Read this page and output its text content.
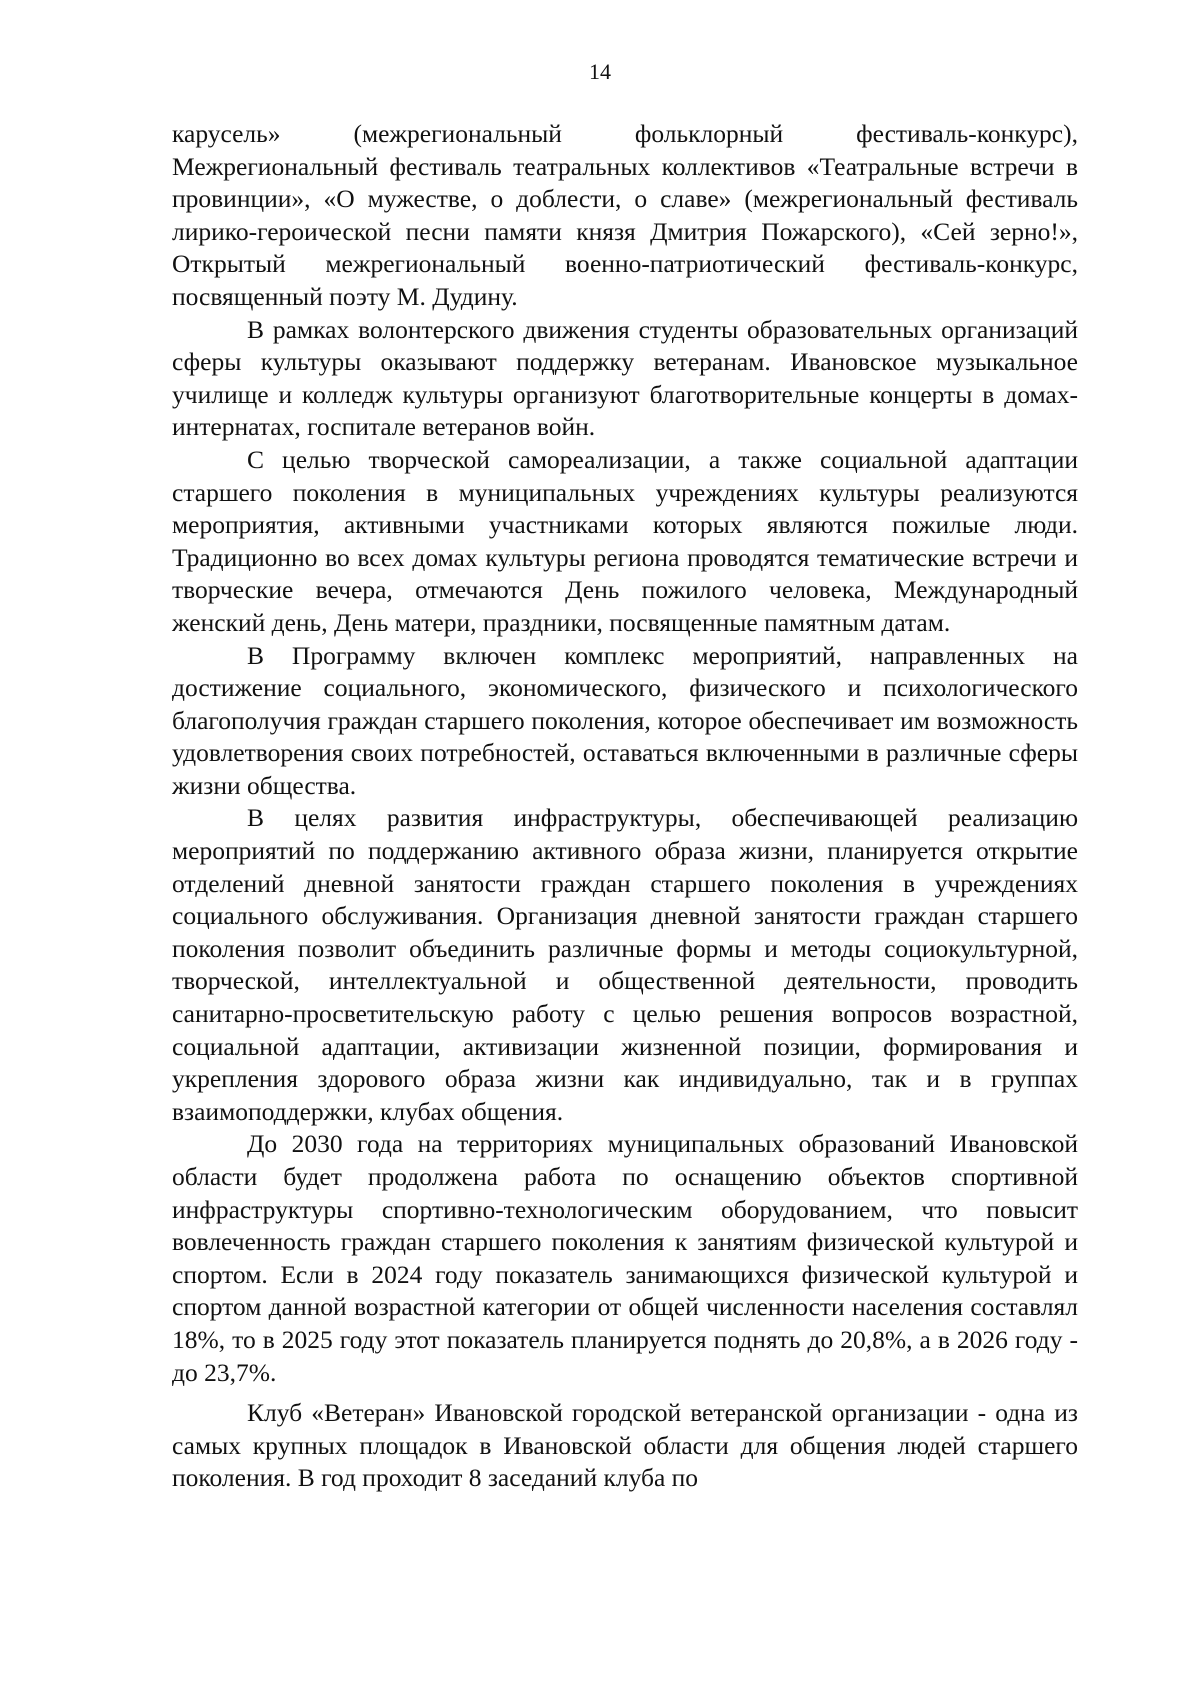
14

карусель» (межрегиональный фольклорный фестиваль-конкурс), Межрегиональный фестиваль театральных коллективов «Театральные встречи в провинции», «О мужестве, о доблести, о славе» (межрегиональный фестиваль лирико-героической песни памяти князя Дмитрия Пожарского), «Сей зерно!», Открытый межрегиональный военно-патриотический фестиваль-конкурс, посвященный поэту М. Дудину.

В рамках волонтерского движения студенты образовательных организаций сферы культуры оказывают поддержку ветеранам. Ивановское музыкальное училище и колледж культуры организуют благотворительные концерты в домах-интернатах, госпитале ветеранов войн.

С целью творческой самореализации, а также социальной адаптации старшего поколения в муниципальных учреждениях культуры реализуются мероприятия, активными участниками которых являются пожилые люди. Традиционно во всех домах культуры региона проводятся тематические встречи и творческие вечера, отмечаются День пожилого человека, Международный женский день, День матери, праздники, посвященные памятным датам.

В Программу включен комплекс мероприятий, направленных на достижение социального, экономического, физического и психологического благополучия граждан старшего поколения, которое обеспечивает им возможность удовлетворения своих потребностей, оставаться включенными в различные сферы жизни общества.

В целях развития инфраструктуры, обеспечивающей реализацию мероприятий по поддержанию активного образа жизни, планируется открытие отделений дневной занятости граждан старшего поколения в учреждениях социального обслуживания. Организация дневной занятости граждан старшего поколения позволит объединить различные формы и методы социокультурной, творческой, интеллектуальной и общественной деятельности, проводить санитарно-просветительскую работу с целью решения вопросов возрастной, социальной адаптации, активизации жизненной позиции, формирования и укрепления здорового образа жизни как индивидуально, так и в группах взаимоподдержки, клубах общения.

До 2030 года на территориях муниципальных образований Ивановской области будет продолжена работа по оснащению объектов спортивной инфраструктуры спортивно-технологическим оборудованием, что повысит вовлеченность граждан старшего поколения к занятиям физической культурой и спортом. Если в 2024 году показатель занимающихся физической культурой и спортом данной возрастной категории от общей численности населения составлял 18%, то в 2025 году этот показатель планируется поднять до 20,8%, а в 2026 году - до 23,7%.

Клуб «Ветеран» Ивановской городской ветеранской организации - одна из самых крупных площадок в Ивановской области для общения людей старшего поколения. В год проходит 8 заседаний клуба по
